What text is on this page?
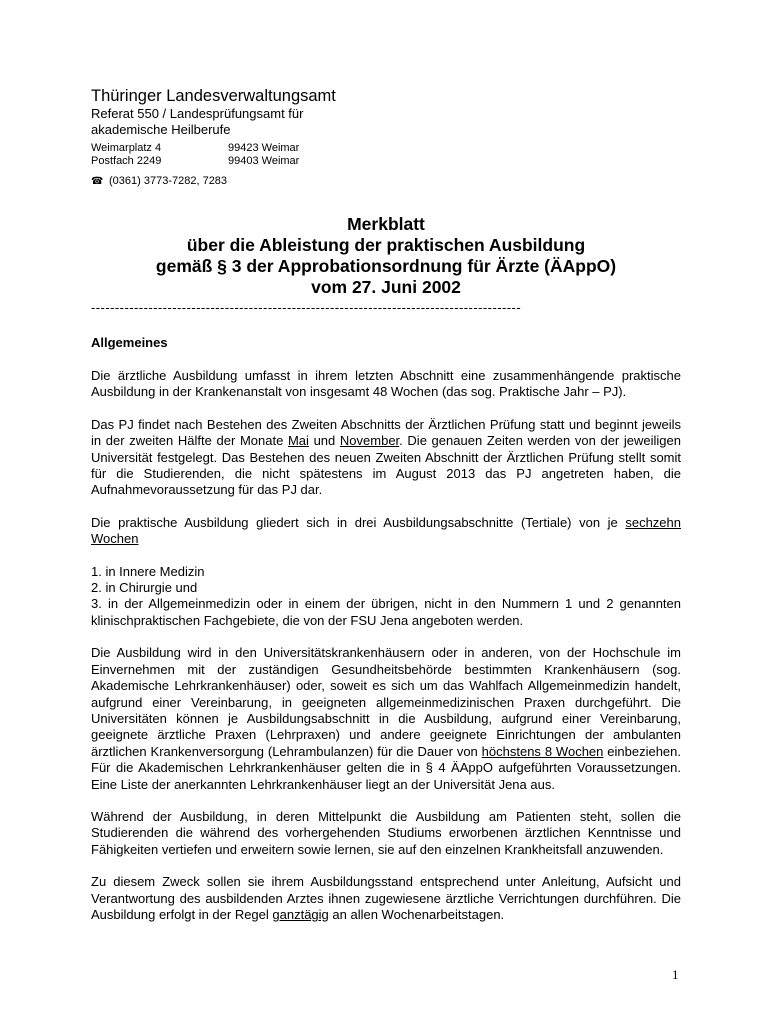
Thüringer Landesverwaltungsamt
Referat 550 / Landesprüfungsamt für
akademische Heilberufe
Weimarplatz 4
Postfach 2249
99423 Weimar
99403 Weimar
☎ (0361) 3773-7282, 7283
Merkblatt
über die Ableistung der praktischen Ausbildung
gemäß § 3 der Approbationsordnung für Ärzte (ÄAppO)
vom 27. Juni 2002
------------------------------------------------------------------------------------------
Allgemeines

Die ärztliche Ausbildung umfasst in ihrem letzten Abschnitt eine zusammenhängende praktische Ausbildung in der Krankenanstalt von insgesamt 48 Wochen (das sog. Praktische Jahr – PJ).

Das PJ findet nach Bestehen des Zweiten Abschnitts der Ärztlichen Prüfung statt und beginnt jeweils in der zweiten Hälfte der Monate Mai und November. Die genauen Zeiten werden von der jeweiligen Universität festgelegt. Das Bestehen des neuen Zweiten Abschnitt der Ärztlichen Prüfung stellt somit für die Studierenden, die nicht spätestens im August 2013 das PJ angetreten haben, die Aufnahmevoraussetzung für das PJ dar.

Die praktische Ausbildung gliedert sich in drei Ausbildungsabschnitte (Tertiale) von je sechzehn Wochen

1. in Innere Medizin
2. in Chirurgie und

3. in der Allgemeinmedizin oder in einem der übrigen, nicht in den Nummern 1 und 2 genannten klinischpraktischen Fachgebiete, die von der FSU Jena angeboten werden.

Die Ausbildung wird in den Universitätskrankenhäusern oder in anderen, von der Hochschule im Einvernehmen mit der zuständigen Gesundheitsbehörde bestimmten Krankenhäusern (sog. Akademische Lehrkrankenhäuser) oder, soweit es sich um das Wahlfach Allgemeinmedizin handelt, aufgrund einer Vereinbarung, in geeigneten allgemeinmedizinischen Praxen durchgeführt. Die Universitäten können je Ausbildungsabschnitt in die Ausbildung, aufgrund einer Vereinbarung, geeignete ärztliche Praxen (Lehrpraxen) und andere geeignete Einrichtungen der ambulanten ärztlichen Krankenversorgung (Lehrambulanzen) für die Dauer von höchstens 8 Wochen einbeziehen. Für die Akademischen Lehrkrankenhäuser gelten die in § 4 ÄAppO aufgeführten Voraussetzungen. Eine Liste der anerkannten Lehrkrankenhäuser liegt an der Universität Jena aus.

Während der Ausbildung, in deren Mittelpunkt die Ausbildung am Patienten steht, sollen die Studierenden die während des vorhergehenden Studiums erworbenen ärztlichen Kenntnisse und Fähigkeiten vertiefen und erweitern sowie lernen, sie auf den einzelnen Krankheitsfall anzuwenden.

Zu diesem Zweck sollen sie ihrem Ausbildungsstand entsprechend unter Anleitung, Aufsicht und Verantwortung des ausbildenden Arztes ihnen zugewiesene ärztliche Verrichtungen durchführen. Die Ausbildung erfolgt in der Regel ganztägig an allen Wochenarbeitstagen.

1
